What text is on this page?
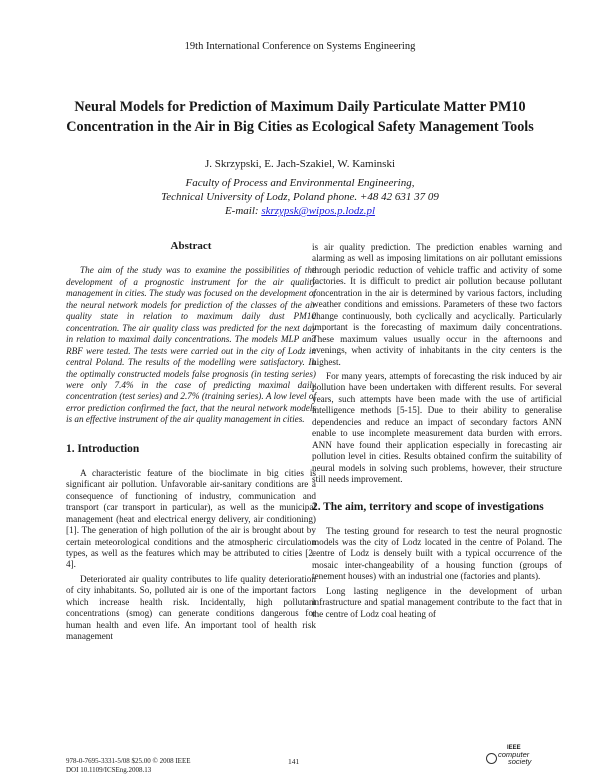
19th International Conference on Systems Engineering
Neural Models for Prediction of Maximum Daily Particulate Matter PM10
Concentration in the Air in Big Cities as Ecological Safety Management Tools
J. Skrzypski, E. Jach-Szakiel, W. Kaminski
Faculty of Process and Environmental Engineering,
Technical University of Lodz, Poland phone. +48 42 631 37 09
E-mail: skrzypsk@wipos.p.lodz.pl
Abstract

The aim of the study was to examine the possibilities of the development of a prognostic instrument for the air quality management in cities. The study was focused on the development of the neural network models for prediction of the classes of the air quality state in relation to maximum daily dust PM10 concentration. The air quality class was predicted for the next day in relation to maximal daily concentrations. The models MLP and RBF were tested. The tests were carried out in the city of Lodz in central Poland. The results of the modelling were satisfactory. In the optimally constructed models false prognosis (in testing series) were only 7.4% in the case of predicting maximal daily concentration (test series) and 2.7% (training series). A low level of error prediction confirmed the fact, that the neural network models is an effective instrument of the air quality management in cities.

1. Introduction

A characteristic feature of the bioclimate in big cities is significant air pollution. Unfavorable air-sanitary conditions are a consequence of functioning of industry, communication and transport (car transport in particular), as well as the municipal management (heat and electrical energy delivery, air conditioning) [1]. The generation of high pollution of the air is brought about by certain meteorological conditions and the atmospheric circulation types, as well as the features which may be attributed to cities [2-4].

Deteriorated air quality contributes to life quality deterioration of city inhabitants. So, polluted air is one of the important factors which increase health risk. Incidentally, high pollutant concentrations (smog) can generate conditions dangerous for human health and even life. An important tool of health risk management

is air quality prediction. The prediction enables warning and alarming as well as imposing limitations on air pollutant emissions through periodic reduction of vehicle traffic and activity of some factories. It is difficult to predict air pollution because pollutant concentration in the air is determined by various factors, including weather conditions and emissions. Parameters of these two factors change continuously, both cyclically and acyclically. Particularly important is the forecasting of maximum daily concentrations. These maximum values usually occur in the afternoons and evenings, when activity of inhabitants in the city centers is the highest.

For many years, attempts of forecasting the risk induced by air pollution have been undertaken with different results. For several years, such attempts have been made with the use of artificial intelligence methods [5-15]. Due to their ability to generalise dependencies and reduce an impact of secondary factors ANN enable to use incomplete measurement data burden with errors. ANN have found their application especially in forecasting air pollution level in cities. Results obtained confirm the suitability of neural models in solving such problems, however, their structure still needs improvement.

2. The aim, territory and scope of investigations

The testing ground for research to test the neural prognostic models was the city of Lodz located in the centre of Poland. The centre of Lodz is densely built with a typical occurrence of the mosaic inter-changeability of a housing function (groups of tenement houses) with an industrial one (factories and plants).

Long lasting negligence in the development of urban infrastructure and spatial management contribute to the fact that in the centre of Lodz coal heating of

978-0-7695-3331-5/08 $25.00 © 2008 IEEE
DOI 10.1109/ICSEng.2008.13
141
IEEE
computer
society
